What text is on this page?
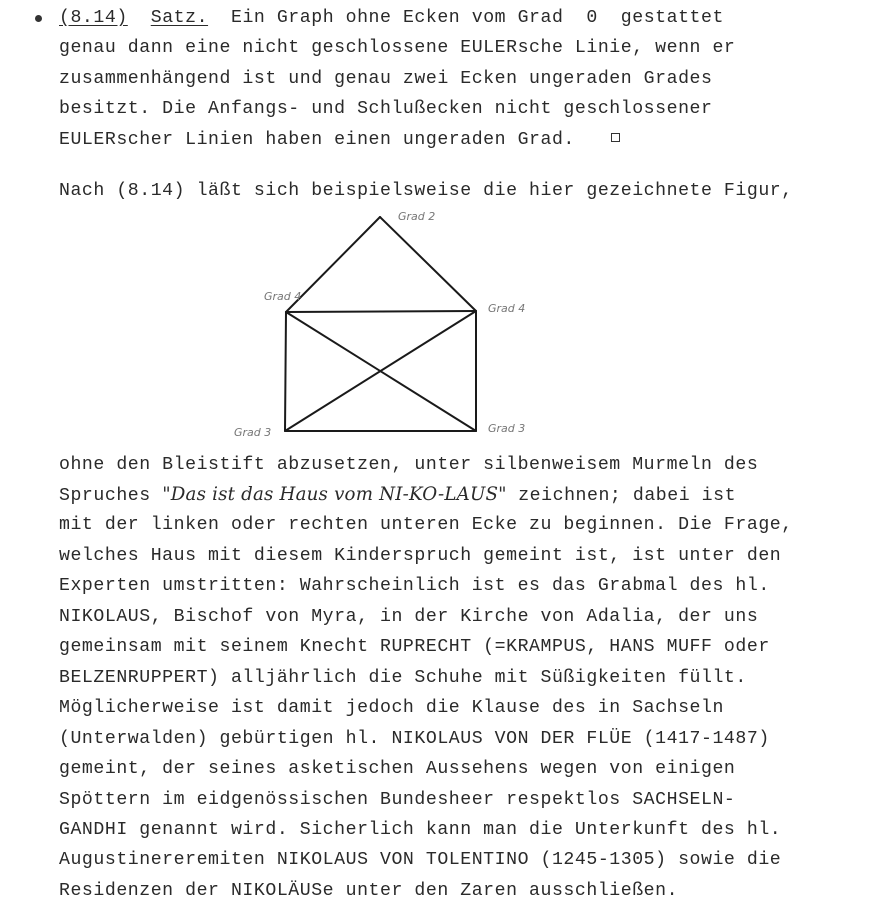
(8.14) Satz.  Ein Graph ohne Ecken vom Grad  0  gestattet
genau dann eine nicht geschlossene EULERsche Linie, wenn er
zusammenhängend ist und genau zwei Ecken ungeraden Grades
besitzt. Die Anfangs- und Schlußecken nicht geschlossener
EULERscher Linien haben einen ungeraden Grad.
Nach (8.14) läßt sich beispielsweise die hier gezeichnete Figur,
Grad 2
Grad 4
Grad 4
Grad 3	Grad 3
ohne den Bleistift abzusetzen, unter silbenweisem Murmeln des
Spruches "Das ist das Haus vom NI-KO-LAUS" zeichnen; dabei ist
mit der linken oder rechten unteren Ecke zu beginnen. Die Frage,
welches Haus mit diesem Kinderspruch gemeint ist, ist unter den
Experten umstritten: Wahrscheinlich ist es das Grabmal des hl.
NIKOLAUS, Bischof von Myra, in der Kirche von Adalia, der uns
gemeinsam mit seinem Knecht RUPRECHT (=KRAMPUS, HANS MUFF oder
BELZENRUPPERT) alljährlich die Schuhe mit Süßigkeiten füllt.
Möglicherweise ist damit jedoch die Klause des in Sachseln
(Unterwalden) gebürtigen hl. NIKOLAUS VON DER FLÜE (1417-1487)
gemeint, der seines asketischen Aussehens wegen von einigen
Spöttern im eidgenössischen Bundesheer respektlos SACHSELN-
GANDHI genannt wird. Sicherlich kann man die Unterkunft des hl.
Augustinereremiten NIKOLAUS VON TOLENTINO (1245-1305) sowie die
Residenzen der NIKOLÄUSe unter den Zaren ausschließen.
